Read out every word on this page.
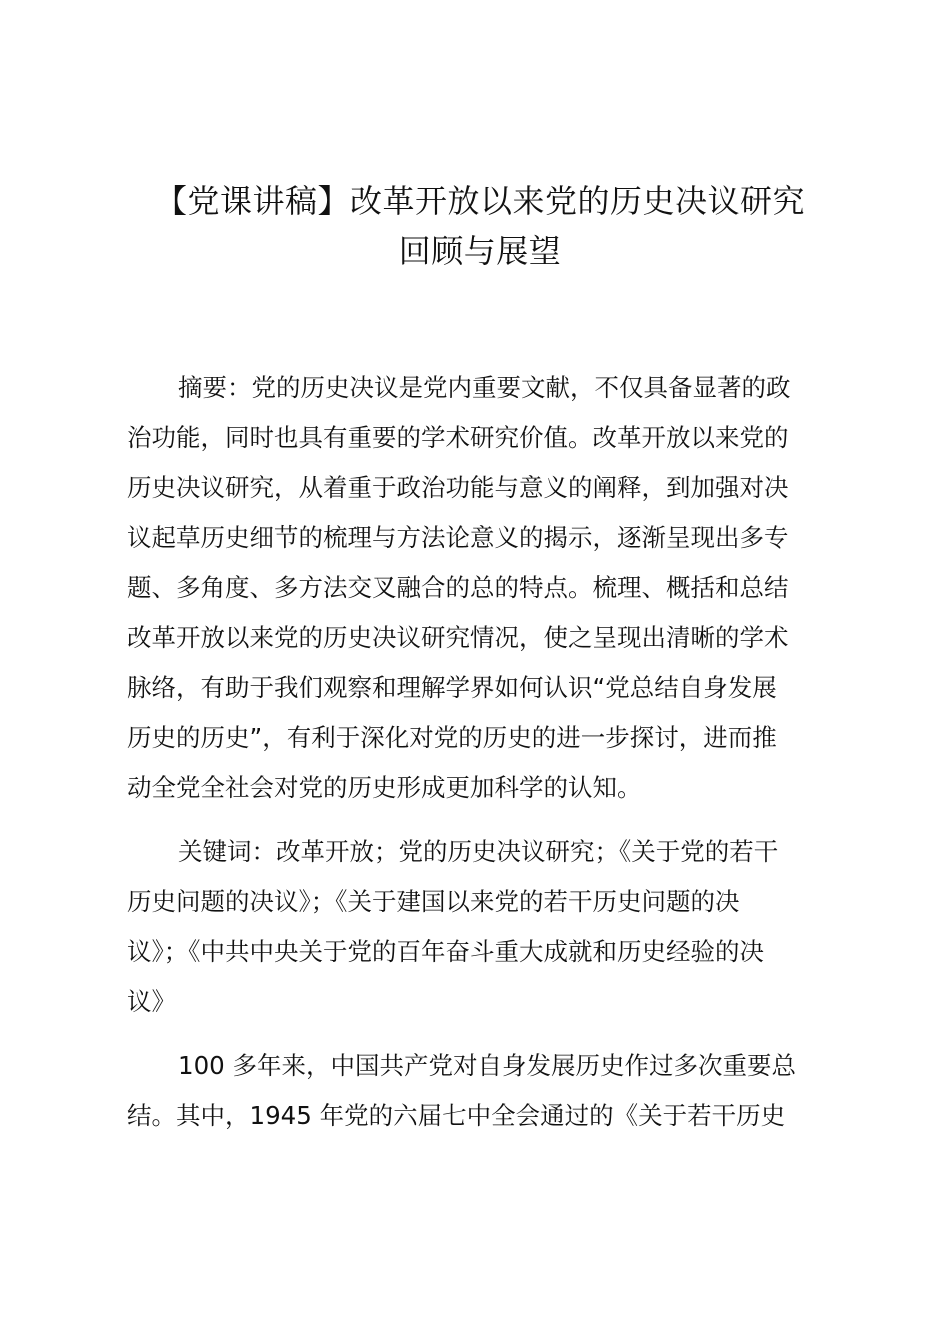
【党课讲稿】改革开放以来党的历史决议研究
回顾与展望
摘要：党的历史决议是党内重要文献，不仅具备显著的政
治功能，同时也具有重要的学术研究价值。改革开放以来党的
历史决议研究，从着重于政治功能与意义的阐释，到加强对决
议起草历史细节的梳理与方法论意义的揭示，逐渐呈现出多专
题、多角度、多方法交叉融合的总的特点。梳理、概括和总结
改革开放以来党的历史决议研究情况，使之呈现出清晰的学术
脉络，有助于我们观察和理解学界如何认识“党总结自身发展
历史的历史”，有利于深化对党的历史的进一步探讨，进而推
动全党全社会对党的历史形成更加科学的认知。
关键词：改革开放；党的历史决议研究；《关于党的若干
历史问题的决议》；《关于建国以来党的若干历史问题的决
议》；《中共中央关于党的百年奋斗重大成就和历史经验的决
议》
100 多年来，中国共产党对自身发展历史作过多次重要总
结。其中，1945 年党的六届七中全会通过的《关于若干历史
